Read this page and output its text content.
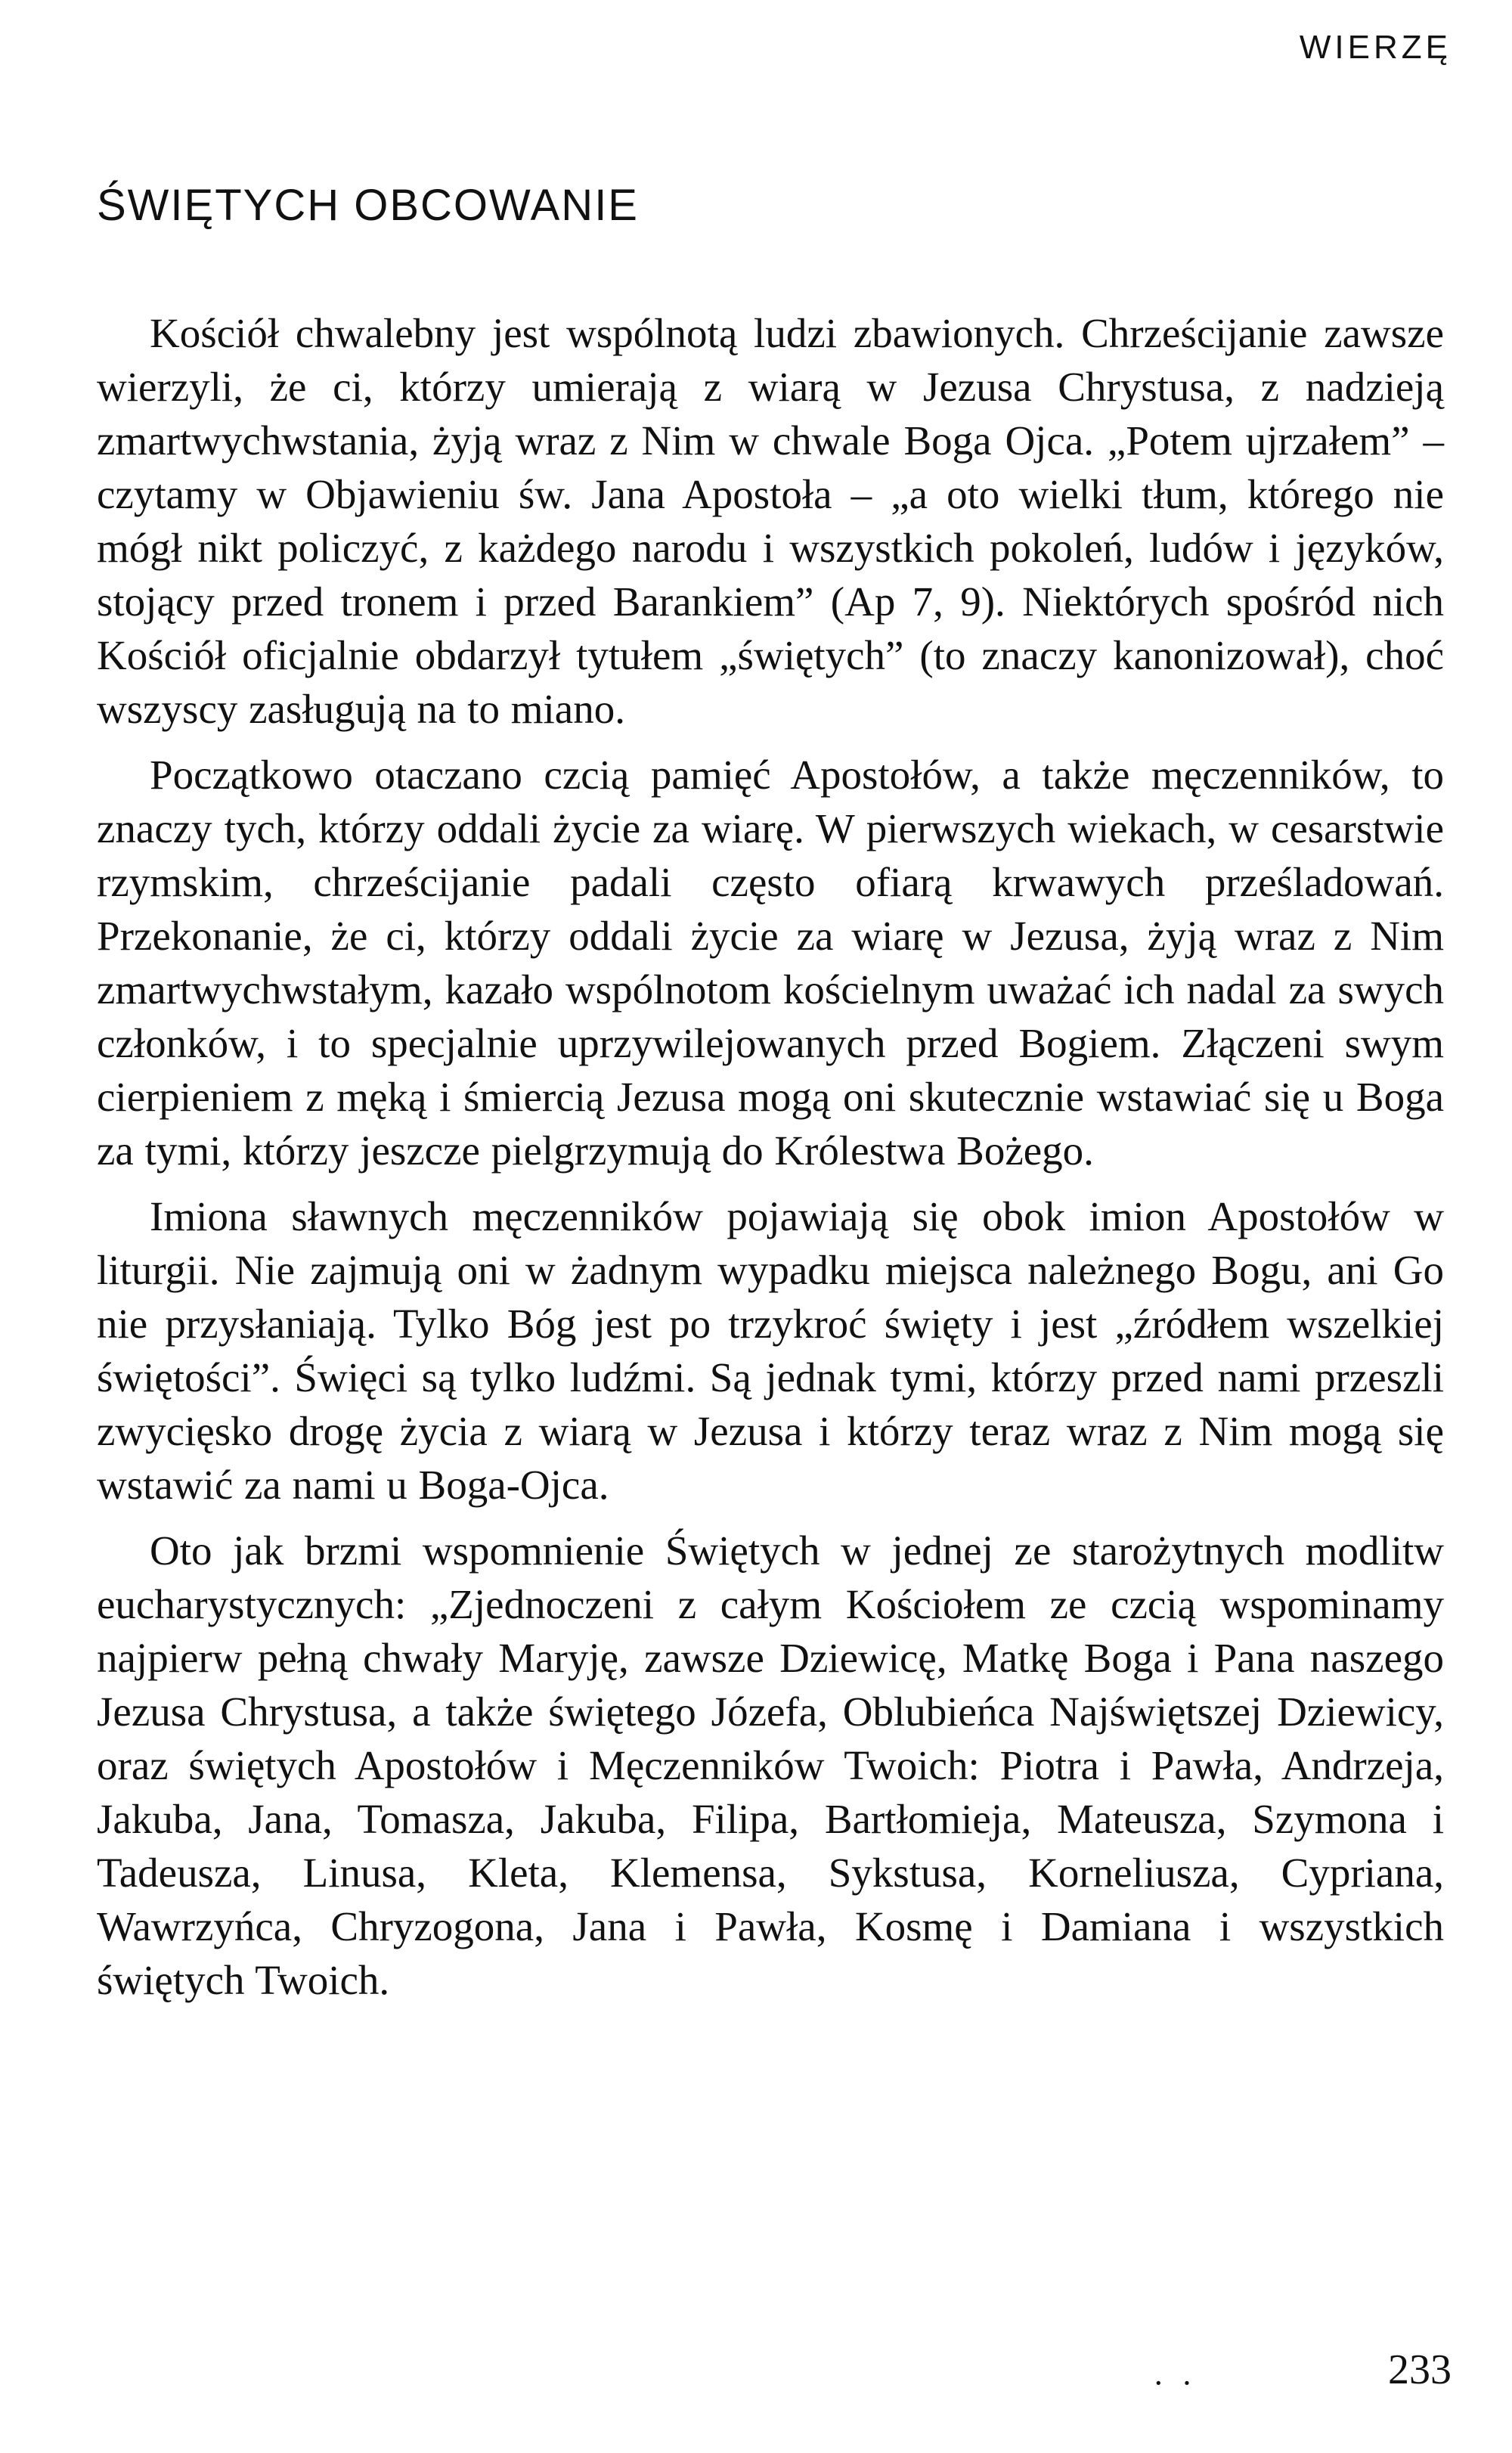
WIERZĘ
ŚWIĘTYCH OBCOWANIE

Kościół chwalebny jest wspólnotą ludzi zbawionych. Chrześcijanie zawsze wierzyli, że ci, którzy umierają z wiarą w Jezusa Chrystusa, z nadzieją zmartwychwstania, żyją wraz z Nim w chwale Boga Ojca. „Potem ujrzałem” – czytamy w Objawieniu św. Jana Apostoła – „a oto wielki tłum, którego nie mógł nikt policzyć, z każdego narodu i wszystkich pokoleń, ludów i języków, stojący przed tronem i przed Barankiem” (Ap 7, 9). Niektórych spośród nich Kościół oficjalnie obdarzył tytułem „świętych” (to znaczy kanonizował), choć wszyscy zasługują na to miano.

Początkowo otaczano czcią pamięć Apostołów, a także męczenników, to znaczy tych, którzy oddali życie za wiarę. W pierwszych wiekach, w cesarstwie rzymskim, chrześcijanie padali często ofiarą krwawych prześladowań. Przekonanie, że ci, którzy oddali życie za wiarę w Jezusa, żyją wraz z Nim zmartwychwstałym, kazało wspólnotom kościelnym uważać ich nadal za swych członków, i to specjalnie uprzywilejowanych przed Bogiem. Złączeni swym cierpieniem z męką i śmiercią Jezusa mogą oni skutecznie wstawiać się u Boga za tymi, którzy jeszcze pielgrzymują do Królestwa Bożego.

Imiona sławnych męczenników pojawiają się obok imion Apostołów w liturgii. Nie zajmują oni w żadnym wypadku miejsca należnego Bogu, ani Go nie przysłaniają. Tylko Bóg jest po trzykroć święty i jest „źródłem wszelkiej świętości”. Święci są tylko ludźmi. Są jednak tymi, którzy przed nami przeszli zwycięsko drogę życia z wiarą w Jezusa i którzy teraz wraz z Nim mogą się wstawić za nami u Boga-Ojca.

Oto jak brzmi wspomnienie Świętych w jednej ze starożytnych modlitw eucharystycznych: „Zjednoczeni z całym Kościołem ze czcią wspominamy najpierw pełną chwały Maryję, zawsze Dziewicę, Matkę Boga i Pana naszego Jezusa Chrystusa, a także świętego Józefa, Oblubieńca Najświętszej Dziewicy, oraz świętych Apostołów i Męczenników Twoich: Piotra i Pawła, Andrzeja, Jakuba, Jana, Tomasza, Jakuba, Filipa, Bartłomieja, Mateusza, Szymona i Tadeusza, Linusa, Kleta, Klemensa, Sykstusa, Korneliusza, Cypriana, Wawrzyńca, Chryzogona, Jana i Pawła, Kosmę i Damiana i wszystkich świętych Twoich.

· ·	233
